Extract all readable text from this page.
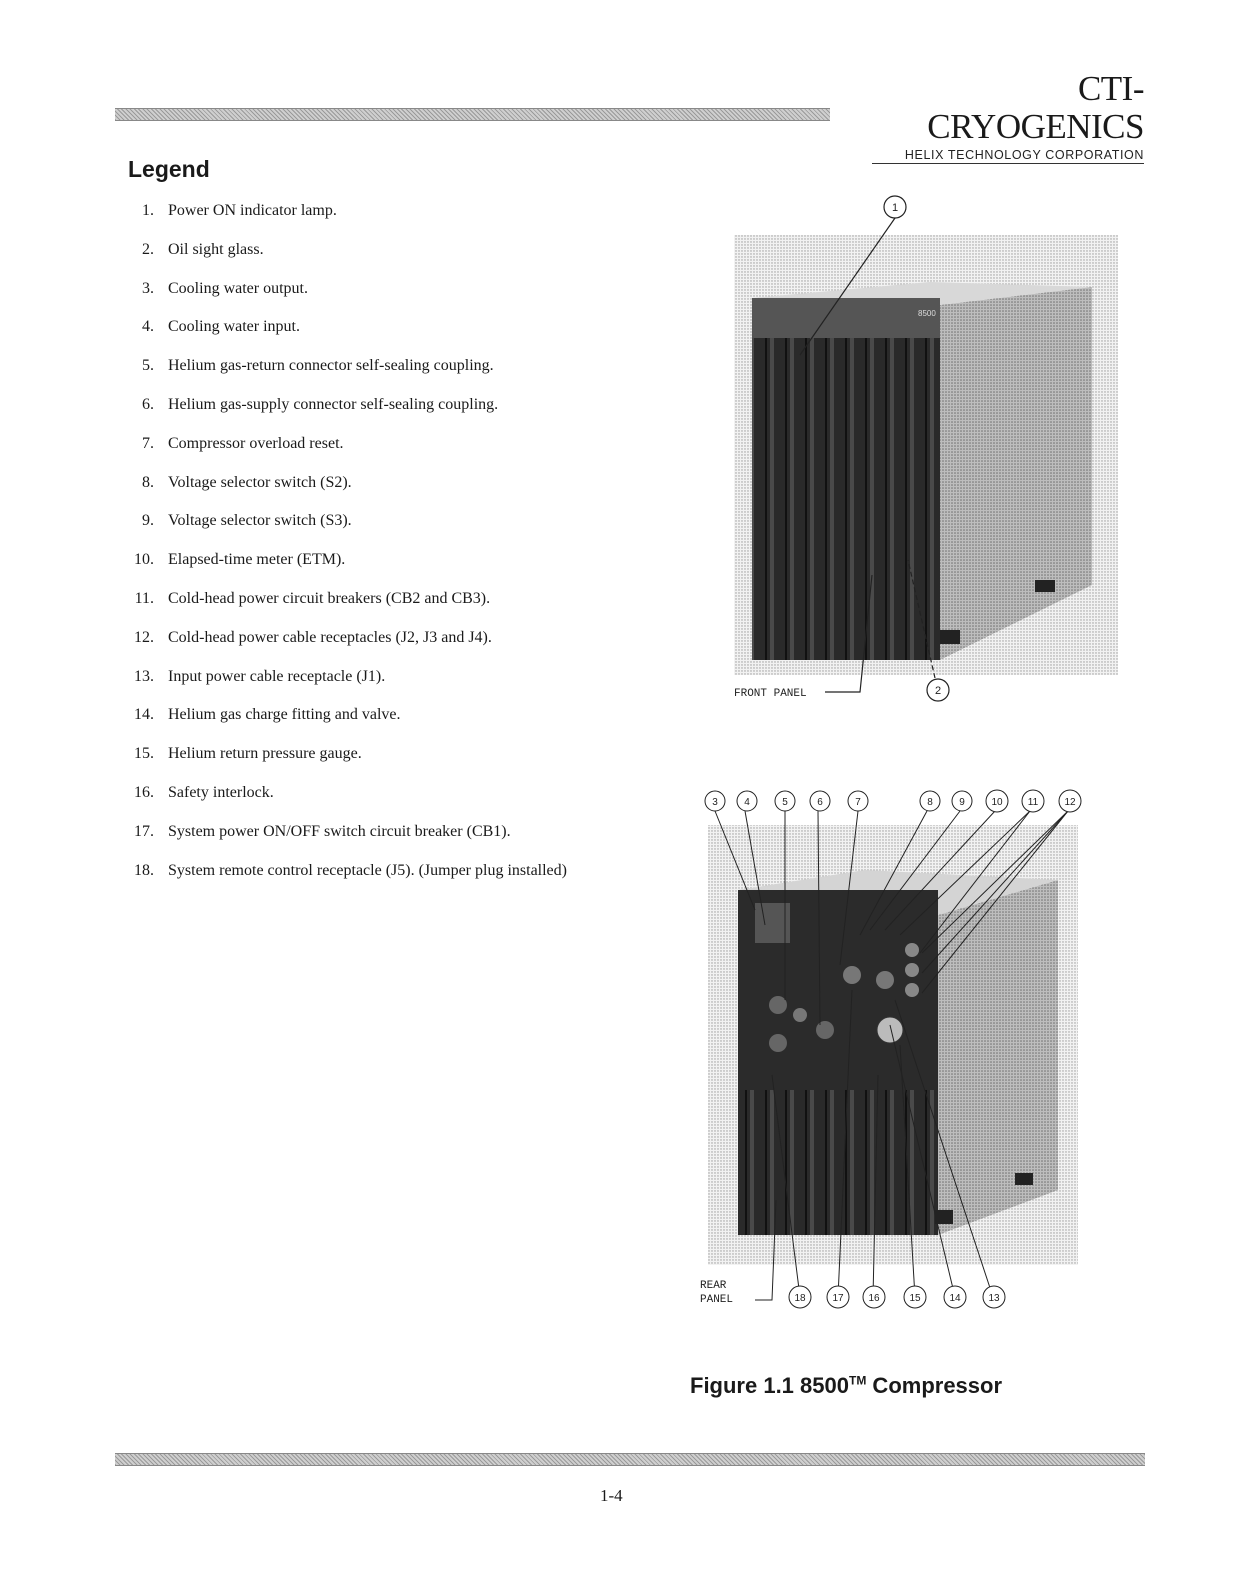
CTI-CRYOGENICS
HELIX TECHNOLOGY CORPORATION
Legend
1. Power ON indicator lamp.
2. Oil sight glass.
3. Cooling water output.
4. Cooling water input.
5. Helium gas-return connector self-sealing coupling.
6. Helium gas-supply connector self-sealing coupling.
7. Compressor overload reset.
8. Voltage selector switch (S2).
9. Voltage selector switch (S3).
10. Elapsed-time meter (ETM).
11. Cold-head power circuit breakers (CB2 and CB3).
12. Cold-head power cable receptacles (J2, J3 and J4).
13. Input power cable receptacle (J1).
14. Helium gas charge fitting and valve.
15. Helium return pressure gauge.
16. Safety interlock.
17. System power ON/OFF switch circuit breaker (CB1).
18. System remote control receptacle (J5). (Jumper plug installed)
8500
1
2
FRONT PANEL
3	4	5	6	7	8	9	10	11	12
18	17 16	15	14	13
REAR
PANEL

Figure 1.1 8500™ Compressor

1-4
